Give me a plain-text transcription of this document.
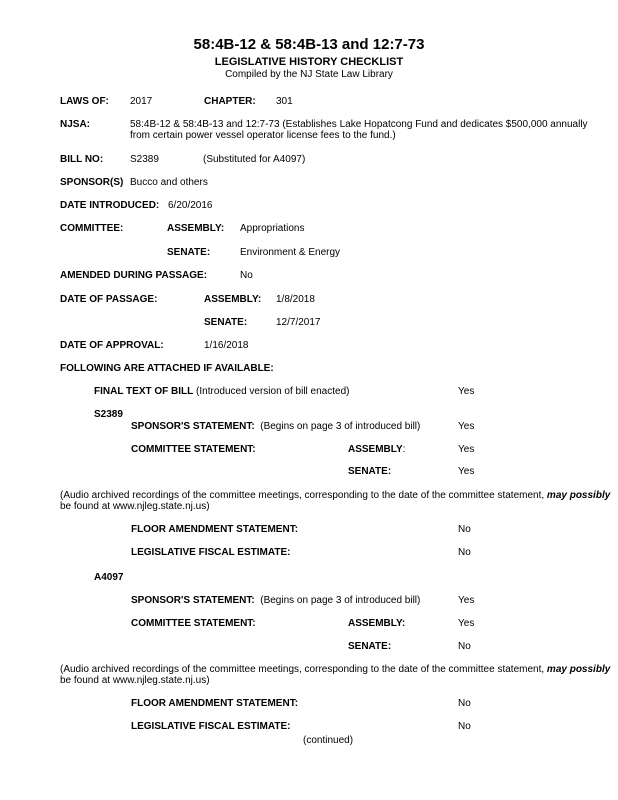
58:4B-12 & 58:4B-13 and 12:7-73
LEGISLATIVE HISTORY CHECKLIST
Compiled by the NJ State Law Library
LAWS OF: 2017	CHAPTER: 301
NJSA:	58:4B-12 & 58:4B-13 and 12:7-73 (Establishes Lake Hopatcong Fund and dedicates $500,000 annually
from certain power vessel operator license fees to the fund.)
BILL NO:	S2389	(Substituted for A4097)
SPONSOR(S) Bucco and others
DATE INTRODUCED: 6/20/2016
COMMITTEE:	ASSEMBLY: Appropriations
SENATE:	Environment & Energy
AMENDED DURING PASSAGE:	No
DATE OF PASSAGE:	ASSEMBLY: 1/8/2018
SENATE:	12/7/2017
DATE OF APPROVAL:	1/16/2018
FOLLOWING ARE ATTACHED IF AVAILABLE:
FINAL TEXT OF BILL (Introduced version of bill enacted)	Yes
S2389
SPONSOR'S STATEMENT: (Begins on page 3 of introduced bill)	Yes
COMMITTEE STATEMENT:	ASSEMBLY:	Yes
SENATE:	Yes
(Audio archived recordings of the committee meetings, corresponding to the date of the committee statement, may possibly
be found at www.njleg.state.nj.us)
FLOOR AMENDMENT STATEMENT:	No
LEGISLATIVE FISCAL ESTIMATE:	No
A4097
SPONSOR'S STATEMENT: (Begins on page 3 of introduced bill)	Yes
COMMITTEE STATEMENT:	ASSEMBLY:	Yes
SENATE:	No
(Audio archived recordings of the committee meetings, corresponding to the date of the committee statement, may possibly
be found at www.njleg.state.nj.us)
FLOOR AMENDMENT STATEMENT:	No
LEGISLATIVE FISCAL ESTIMATE:	No
(continued)
